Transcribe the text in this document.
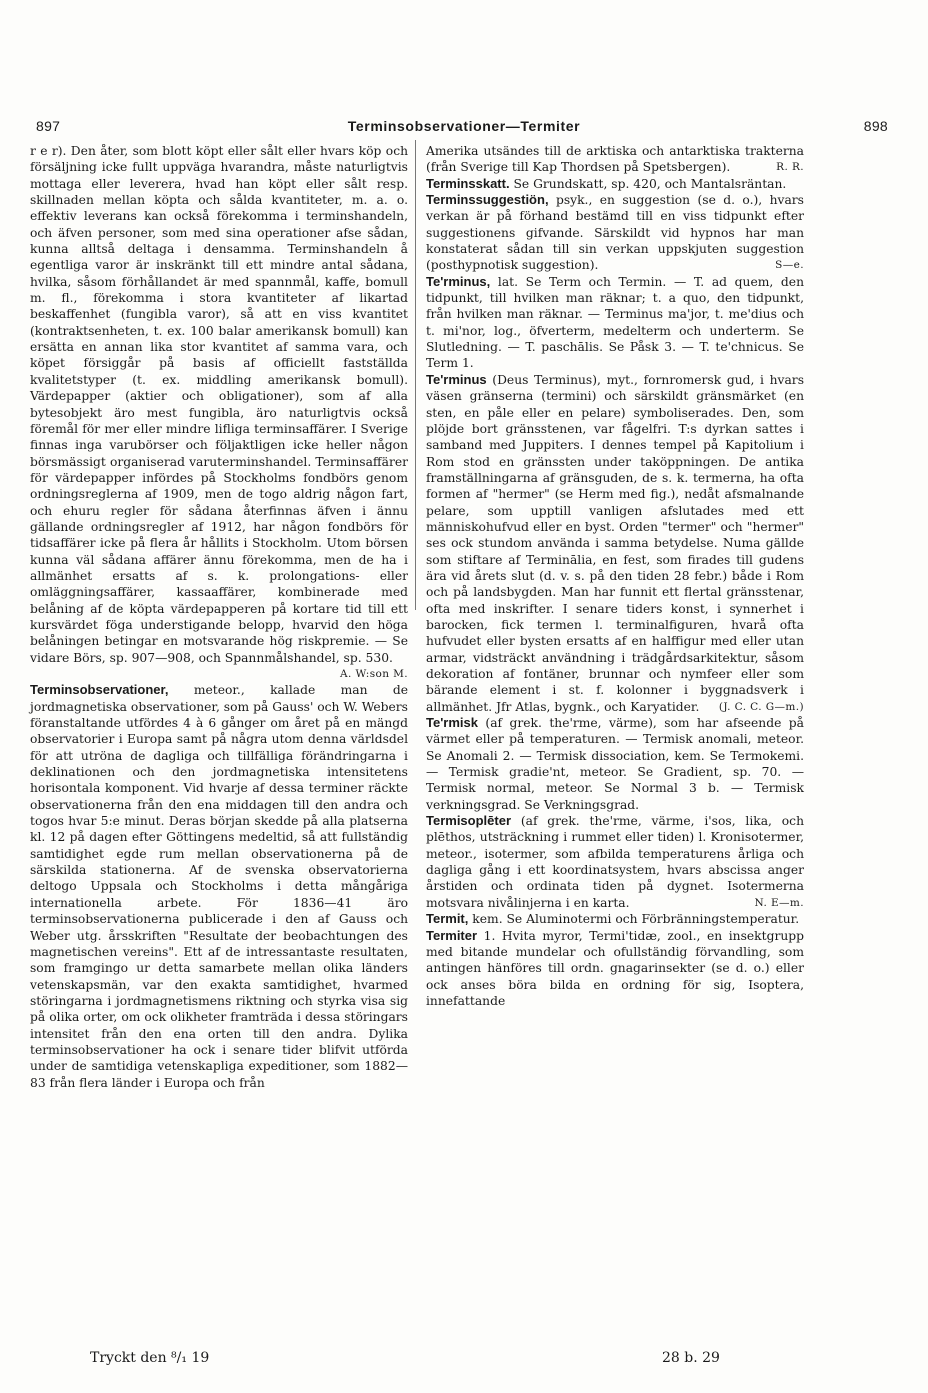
897	Terminsobservationer—Termiter	898

r e r). Den åter, som blott köpt eller sålt eller hvars köp och försäljning icke fullt uppväga hvarandra, måste naturligtvis mottaga eller leverera, hvad han köpt eller sålt resp. skillnaden mellan köpta och sålda kvantiteter, m. a. o. effektiv leverans kan också förekomma i terminshandeln, och äfven personer, som med sina operationer afse sådan, kunna alltså deltaga i densamma. Terminshandeln å egentliga varor är inskränkt till ett mindre antal sådana, hvilka, såsom förhållandet är med spannmål, kaffe, bomull m. fl., förekomma i stora kvantiteter af likartad beskaffenhet (fungibla varor), så att en viss kvantitet (kontraktsenheten, t. ex. 100 balar amerikansk bomull) kan ersätta en annan lika stor kvantitet af samma vara, och köpet försiggår på basis af officiellt fastställda kvalitetstyper (t. ex. middling amerikansk bomull). Värdepapper (aktier och obligationer), som af alla bytesobjekt äro mest fungibla, äro naturligtvis också föremål för mer eller mindre lifliga terminsaffärer. I Sverige finnas inga varubörser och följaktligen icke heller någon börsmässigt organiserad varuterminshandel. Terminsaffärer för värdepapper infördes på Stockholms fondbörs genom ordningsreglerna af 1909, men de togo aldrig någon fart, och ehuru regler för sådana återfinnas äfven i ännu gällande ordningsregler af 1912, har någon fondbörs för tidsaffärer icke på flera år hållits i Stockholm. Utom börsen kunna väl sådana affärer ännu förekomma, men de ha i allmänhet ersatts af s. k. prolongations- eller omläggningsaffärer, kassaaffärer, kombinerade med belåning af de köpta värdepapperen på kortare tid till ett kursvärdet föga understigande belopp, hvarvid den höga belåningen betingar en motsvarande hög riskpremie. — Se vidare Börs, sp. 907—908, och Spannmålshandel, sp. 530.
A. W:son M.

Terminsobservationer, meteor., kallade man de jordmagnetiska observationer, som på Gauss' och W. Webers föranstaltande utfördes 4 à 6 gånger om året på en mängd observatorier i Europa samt på några utom denna världsdel för att utröna de dagliga och tillfälliga förändringarna i deklinationen och den jordmagnetiska intensitetens horisontala komponent. Vid hvarje af dessa terminer räckte observationerna från den ena middagen till den andra och togos hvar 5:e minut. Deras början skedde på alla platserna kl. 12 på dagen efter Göttingens medeltid, så att fullständig samtidighet egde rum mellan observationerna på de särskilda stationerna. Af de svenska observatorierna deltogo Uppsala och Stockholms i detta mångåriga internationella arbete. För 1836—41 äro terminsobservationerna publicerade i den af Gauss och Weber utg. årsskriften "Resultate der beobachtungen des magnetischen vereins". Ett af de intressantaste resultaten, som framgingo ur detta samarbete mellan olika länders vetenskapsmän, var den exakta samtidighet, hvarmed störingarna i jordmagnetismens riktning och styrka visa sig på olika orter, om ock olikheter framträda i dessa störingars intensitet från den ena orten till den andra. Dylika terminsobservationer ha ock i senare tider blifvit utförda under de samtidiga vetenskapliga expeditioner, som 1882—83 från flera länder i Europa och från

Amerika utsändes till de arktiska och antarktiska trakterna (från Sverige till Kap Thordsen på Spetsbergen).	R. R.

Terminsskatt. Se Grundskatt, sp. 420, och Mantalsräntan.

Terminssuggestiön, psyk., en suggestion (se d. o.), hvars verkan är på förhand bestämd till en viss tidpunkt efter suggestionens gifvande. Särskildt vid hypnos har man konstaterat sådan till sin verkan uppskjuten suggestion (posthypnotisk suggestion).	S—e.

Te'rminus, lat. Se Term och Termin. — T. ad quem, den tidpunkt, till hvilken man räknar; t. a quo, den tidpunkt, från hvilken man räknar. — Terminus ma'jor, t. me'dius och t. mi'nor, log., öfverterm, medelterm och underterm. Se Slutledning. — T. paschālis. Se Påsk 3. — T. te'chnicus. Se Term 1.

Te'rminus (Deus Terminus), myt., fornromersk gud, i hvars väsen gränserna (termini) och särskildt gränsmärket (en sten, en påle eller en pelare) symboliserades. Den, som plöjde bort gränsstenen, var fågelfri. T:s dyrkan sattes i samband med Juppiters. I dennes tempel på Kapitolium i Rom stod en gränssten under taköppningen. De antika framställningarna af gränsguden, de s. k. termerna, ha ofta formen af "hermer" (se Herm med fig.), nedåt afsmalnande pelare, som upptill vanligen afslutades med ett människohufvud eller en byst. Orden "termer" och "hermer" ses ock stundom använda i samma betydelse. Numa gällde som stiftare af Terminālia, en fest, som firades till gudens ära vid årets slut (d. v. s. på den tiden 28 febr.) både i Rom och på landsbygden. Man har funnit ett flertal gränsstenar, ofta med inskrifter. I senare tiders konst, i synnerhet i barocken, fick termen l. terminalfiguren, hvarå ofta hufvudet eller bysten ersatts af en halffigur med eller utan armar, vidsträckt användning i trädgårdsarkitektur, såsom dekoration af fontäner, brunnar och nymfeer eller som bärande element i st. f. kolonner i byggnadsverk i allmänhet. Jfr Atlas, bygnk., och Karyatider. (J. C. C. G—m.)

Te'rmisk (af grek. the'rme, värme), som har afseende på värmet eller på temperaturen. — Termisk anomali, meteor. Se Anomali 2. — Termisk dissociation, kem. Se Termokemi. — Termisk gradie'nt, meteor. Se Gradient, sp. 70. — Termisk normal, meteor. Se Normal 3 b. — Termisk verkningsgrad. Se Verkningsgrad.

Termisoplēter (af grek. the'rme, värme, i'sos, lika, och plēthos, utsträckning i rummet eller tiden) l. Kronisotermer, meteor., isotermer, som afbilda temperaturens årliga och dagliga gång i ett koordinatsystem, hvars abscissa anger årstiden och ordinata tiden på dygnet. Isotermerna motsvara nivålinjerna i en karta.	N. E—m.

Termit, kem. Se Aluminotermi och Förbränningstemperatur.

Termiter 1. Hvita myror, Termi'tidæ, zool., en insektgrupp med bitande mundelar och ofullständig förvandling, som antingen hänföres till ordn. gnagarinsekter (se d. o.) eller ock anses böra bilda en ordning för sig, Isoptera, innefattande

Tryckt den ⁸/₁ 19	28 b. 29
